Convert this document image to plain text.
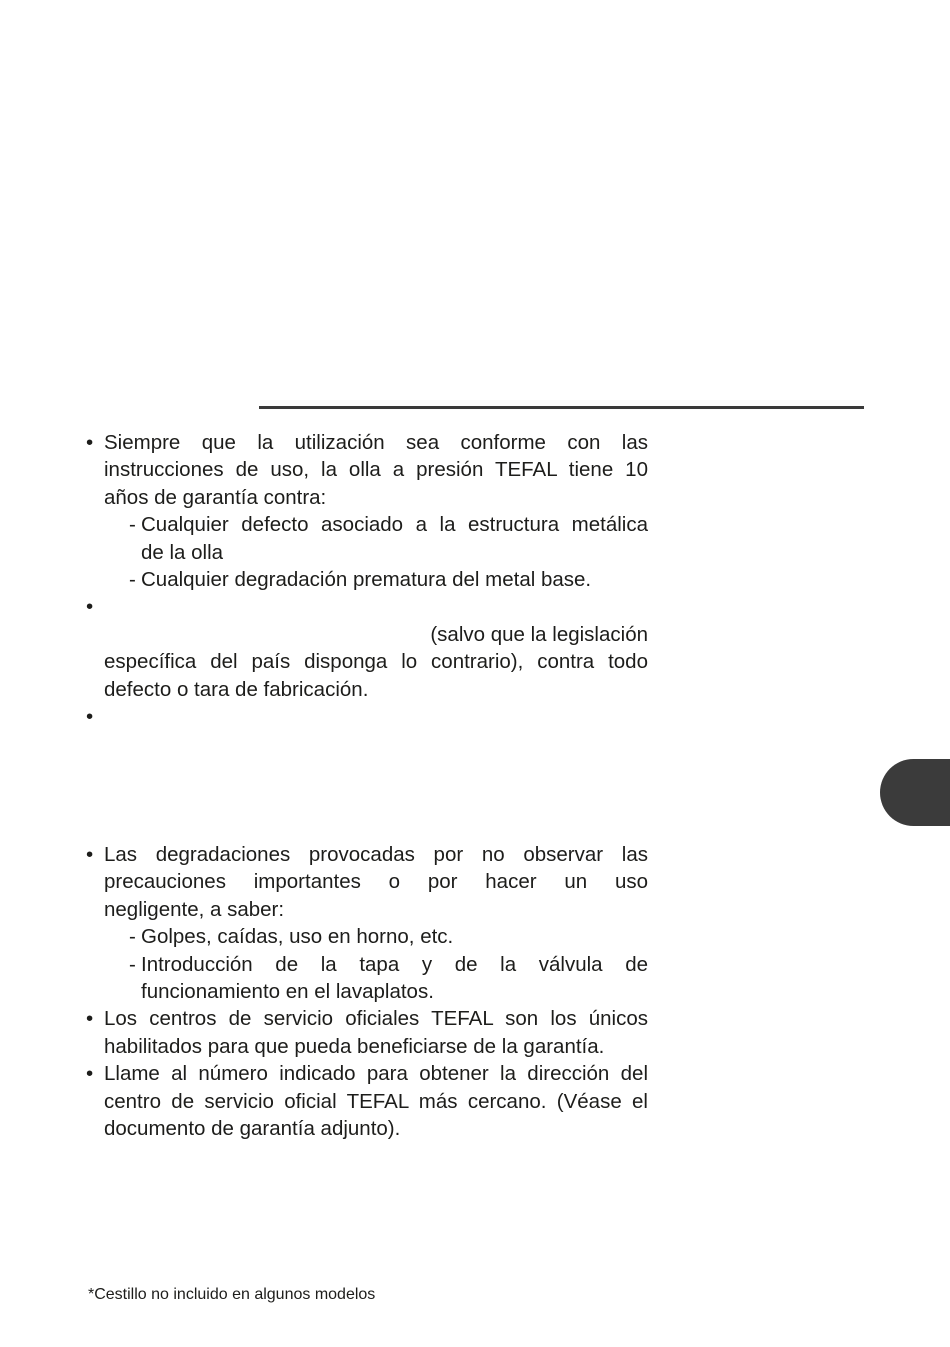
• Siempre que la utilización sea conforme con las
instrucciones de uso, la olla a presión TEFAL tiene 10
años de garantía contra:
- Cualquier defecto asociado a la estructura metálica
de la olla
- Cualquier degradación prematura del metal base.
• (salvo que la legislación
específica del país disponga lo contrario), contra todo
defecto o tara de fabricación.
•
• Las degradaciones provocadas por no observar las
precauciones importantes o por hacer un uso
negligente, a saber:
- Golpes, caídas, uso en horno, etc.
- Introducción de la tapa y de la válvula de
funcionamiento en el lavaplatos.
• Los centros de servicio oficiales TEFAL son los únicos
habilitados para que pueda beneficiarse de la garantía.
• Llame al número indicado para obtener la dirección del
centro de servicio oficial TEFAL más cercano. (Véase el
documento de garantía adjunto).
*Cestillo no incluido en algunos modelos
